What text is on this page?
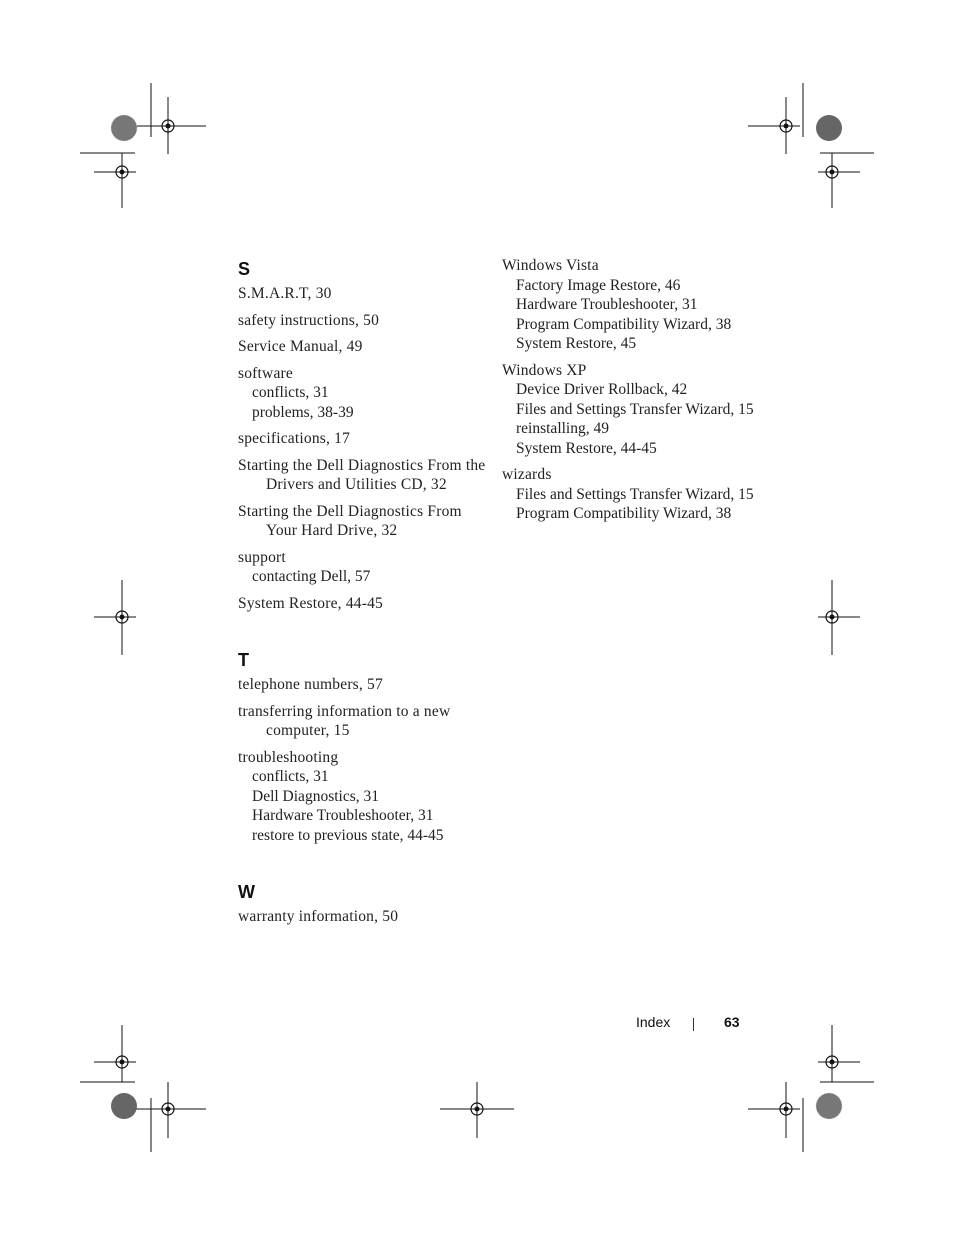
S
S.M.A.R.T, 30
safety instructions, 50
Service Manual, 49
software
conflicts, 31
problems, 38-39
specifications, 17
Starting the Dell Diagnostics From the Drivers and Utilities CD, 32
Starting the Dell Diagnostics From Your Hard Drive, 32
support
contacting Dell, 57
System Restore, 44-45
T
telephone numbers, 57
transferring information to a new computer, 15
troubleshooting
conflicts, 31
Dell Diagnostics, 31
Hardware Troubleshooter, 31
restore to previous state, 44-45
W
warranty information, 50
Windows Vista
Factory Image Restore, 46
Hardware Troubleshooter, 31
Program Compatibility Wizard, 38
System Restore, 45
Windows XP
Device Driver Rollback, 42
Files and Settings Transfer Wizard, 15
reinstalling, 49
System Restore, 44-45
wizards
Files and Settings Transfer Wizard, 15
Program Compatibility Wizard, 38
Index	63
